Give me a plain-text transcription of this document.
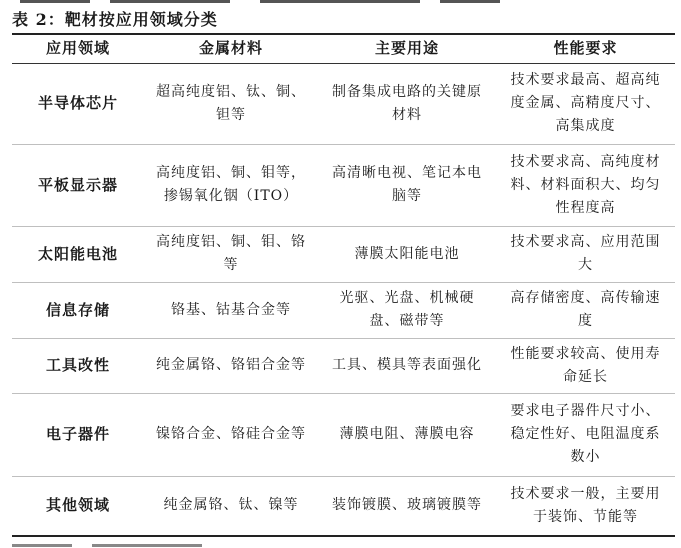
表 2：靶材按应用领域分类
应用领域	金属材料	主要用途	性能要求
半导体芯片	超高纯度铝、钛、铜、钽等	制备集成电路的关键原材料	技术要求最高、超高纯度金属、高精度尺寸、高集成度
平板显示器	高纯度铝、铜、钼等，掺锡氧化铟（ITO）	高清晰电视、笔记本电脑等	技术要求高、高纯度材料、材料面积大、均匀性程度高
太阳能电池	高纯度铝、铜、钼、铬等	薄膜太阳能电池	技术要求高、应用范围大
信息存储	铬基、钴基合金等	光驱、光盘、机械硬盘、磁带等	高存储密度、高传输速度
工具改性	纯金属铬、铬铝合金等	工具、模具等表面强化	性能要求较高、使用寿命延长
电子器件	镍铬合金、铬硅合金等	薄膜电阻、薄膜电容	要求电子器件尺寸小、稳定性好、电阻温度系数小
其他领域	纯金属铬、钛、镍等	装饰镀膜、玻璃镀膜等	技术要求一般，主要用于装饰、节能等
